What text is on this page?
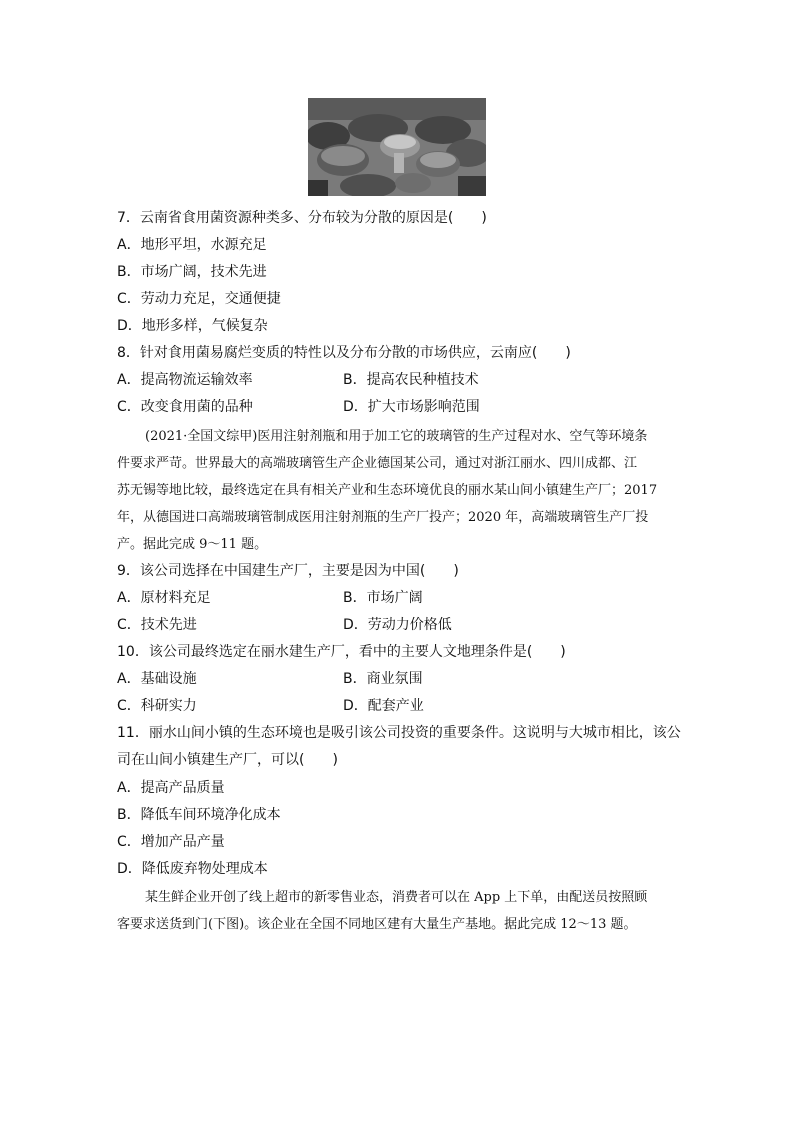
7．云南省食用菌资源种类多、分布较为分散的原因是(　　)
A．地形平坦，水源充足
B．市场广阔，技术先进
C．劳动力充足，交通便捷
D．地形多样，气候复杂
8．针对食用菌易腐烂变质的特性以及分布分散的市场供应，云南应(　　)
A．提高物流运输效率	B．提高农民种植技术
C．改变食用菌的品种	D．扩大市场影响范围
(2021·全国文综甲)医用注射剂瓶和用于加工它的玻璃管的生产过程对水、空气等环境条
件要求严苛。世界最大的高端玻璃管生产企业德国某公司，通过对浙江丽水、四川成都、江
苏无锡等地比较，最终选定在具有相关产业和生态环境优良的丽水某山间小镇建生产厂；2017
年，从德国进口高端玻璃管制成医用注射剂瓶的生产厂投产；2020 年，高端玻璃管生产厂投
产。据此完成 9～11 题。
9．该公司选择在中国建生产厂，主要是因为中国(　　)
A．原材料充足	B．市场广阔
C．技术先进	D．劳动力价格低
10．该公司最终选定在丽水建生产厂，看中的主要人文地理条件是(　　)
A．基础设施	B．商业氛围
C．科研实力	D．配套产业
11．丽水山间小镇的生态环境也是吸引该公司投资的重要条件。这说明与大城市相比，该公
司在山间小镇建生产厂，可以(　　)
A．提高产品质量
B．降低车间环境净化成本
C．增加产品产量
D．降低废弃物处理成本
某生鲜企业开创了线上超市的新零售业态，消费者可以在 App 上下单，由配送员按照顾
客要求送货到门(下图)。该企业在全国不同地区建有大量生产基地。据此完成 12～13 题。
